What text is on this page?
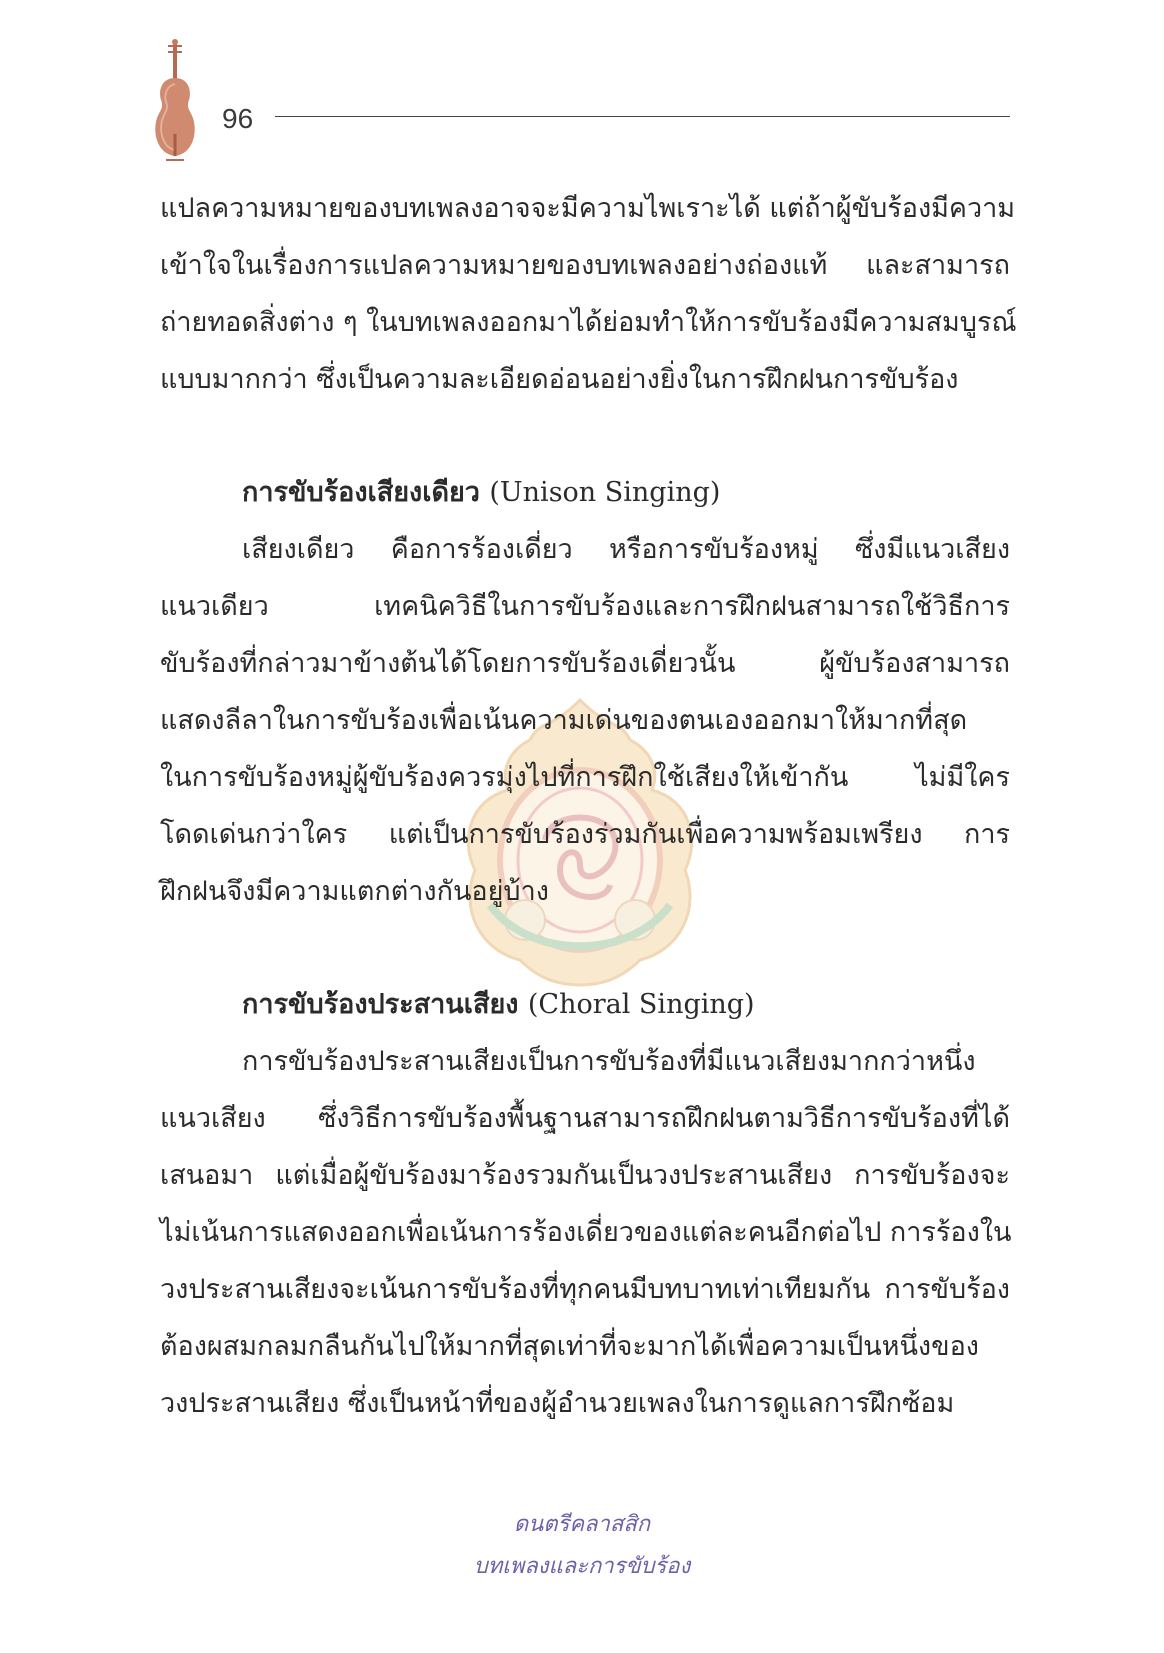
96
แปลความหมายของบทเพลงอาจจะมีความไพเราะได้ แต่ถ้าผู้ขับร้องมีความ
เข้าใจในเรื่องการแปลความหมายของบทเพลงอย่างถ่องแท้ และสามารถ
ถ่ายทอดสิ่งต่าง ๆ ในบทเพลงออกมาได้ย่อมทำให้การขับร้องมีความสมบูรณ์
แบบมากกว่า ซึ่งเป็นความละเอียดอ่อนอย่างยิ่งในการฝึกฝนการขับร้อง
การขับร้องเสียงเดียว (Unison Singing)
เสียงเดียว คือการร้องเดี่ยว หรือการขับร้องหมู่ ซึ่งมีแนวเสียง
แนวเดียว เทคนิควิธีในการขับร้องและการฝึกฝนสามารถใช้วิธีการ
ขับร้องที่กล่าวมาข้างต้นได้โดยการขับร้องเดี่ยวนั้น ผู้ขับร้องสามารถ
แสดงลีลาในการขับร้องเพื่อเน้นความเด่นของตนเองออกมาให้มากที่สุด
ในการขับร้องหมู่ผู้ขับร้องควรมุ่งไปที่การฝึกใช้เสียงให้เข้ากัน ไม่มีใคร
โดดเด่นกว่าใคร แต่เป็นการขับร้องร่วมกันเพื่อความพร้อมเพรียง การ
ฝึกฝนจึงมีความแตกต่างกันอยู่บ้าง
การขับร้องประสานเสียง (Choral Singing)
การขับร้องประสานเสียงเป็นการขับร้องที่มีแนวเสียงมากกว่าหนึ่ง
แนวเสียง ซึ่งวิธีการขับร้องพื้นฐานสามารถฝึกฝนตามวิธีการขับร้องที่ได้
เสนอมา แต่เมื่อผู้ขับร้องมาร้องรวมกันเป็นวงประสานเสียง การขับร้องจะ
ไม่เน้นการแสดงออกเพื่อเน้นการร้องเดี่ยวของแต่ละคนอีกต่อไป การร้องใน
วงประสานเสียงจะเน้นการขับร้องที่ทุกคนมีบทบาทเท่าเทียมกัน การขับร้อง
ต้องผสมกลมกลืนกันไปให้มากที่สุดเท่าที่จะมากได้เพื่อความเป็นหนึ่งของ
วงประสานเสียง ซึ่งเป็นหน้าที่ของผู้อำนวยเพลงในการดูแลการฝึกซ้อม
ดนตรีคลาสสิก
บทเพลงและการขับร้อง
